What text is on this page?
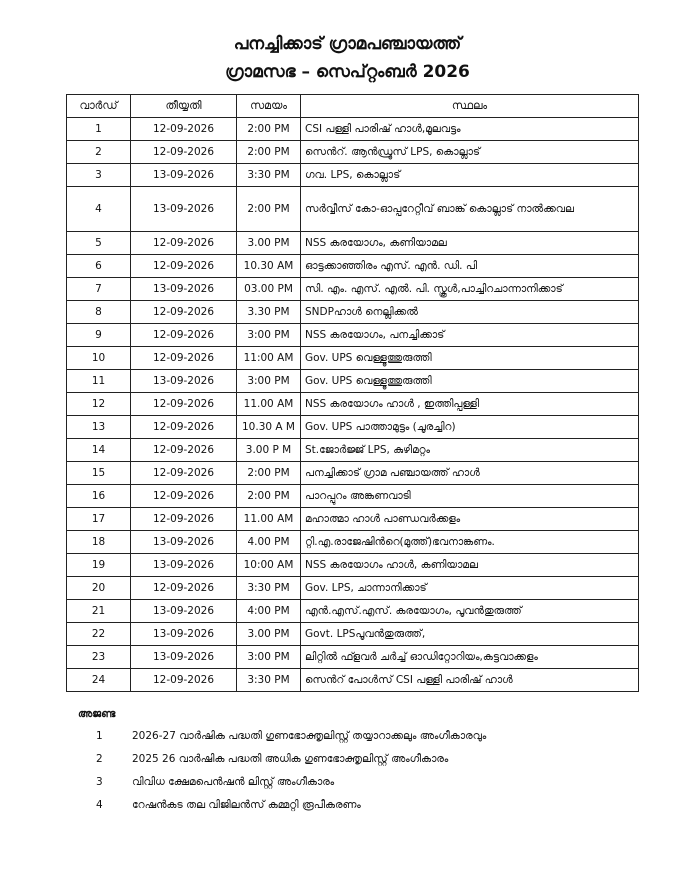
പനച്ചിക്കാട് ഗ്രാമപഞ്ചായത്ത്
ഗ്രാമസഭ – സെപ്റ്റംബർ 2026
വാർഡ്	തീയ്യതി	സമയം	സ്ഥലം
1	12-09-2026	2:00 PM	CSI പള്ളി പാരിഷ് ഹാൾ,മൂലവട്ടം
2	12-09-2026	2:00 PM	സെൻറ്. ആൻഡ്രൂസ് LPS, കൊല്ലാട്
3	13-09-2026	3:30 PM	ഗവ. LPS, കൊല്ലാട്
4	13-09-2026	2:00 PM	സർവ്വീസ് കോ-ഓപ്പറേറ്റീവ് ബാങ്ക് കൊല്ലാട് നാൽക്കവല
5	12-09-2026	3.00 PM	NSS കരയോഗം, കണിയാമല
6	12-09-2026	10.30 AM	ഓട്ടക്കാഞ്ഞിരം എസ്. എൻ. ഡി. പി
7	13-09-2026	03.00 PM	സി. എം. എസ്. എൽ. പി. സ്കൂൾ,പാച്ചിറചാന്നാനിക്കാട്
8	12-09-2026	3.30 PM	SNDPഹാൾ നെല്ലിക്കൽ
9	12-09-2026	3:00 PM	NSS കരയോഗം, പനച്ചിക്കാട്
10	12-09-2026	11:00 AM	Gov. UPS വെള്ളൂത്തുരുത്തി
11	13-09-2026	3:00 PM	Gov. UPS വെള്ളൂത്തുരുത്തി
12	12-09-2026	11.00 AM	NSS കരയോഗം ഹാൾ , ഇത്തിപ്പള്ളി
13	12-09-2026	10.30 A M	Gov. UPS പാത്താമുട്ടം (ചൂരച്ചിറ)
14	12-09-2026	3.00 P M	St.ജോർജ്ജ് LPS, കുഴിമറ്റം
15	12-09-2026	2:00 PM	പനച്ചിക്കാട് ഗ്രാമ പഞ്ചായത്ത് ഹാൾ
16	12-09-2026	2:00 PM	പാറപ്പുറം അങ്കണവാടി
17	12-09-2026	11.00 AM	മഹാത്മാ ഹാൾ പാണ്ഡവർക്കളം
18	13-09-2026	4.00 PM	റ്റി.എ.രാജേഷിൻറെ(മുത്ത്)ഭവനാങ്കണം.
19	13-09-2026	10:00 AM	NSS കരയോഗം ഹാൾ, കണിയാമല
20	12-09-2026	3:30 PM	Gov. LPS, ചാന്നാനിക്കാട്
21	13-09-2026	4:00 PM	എൻ.എസ്.എസ്. കരയോഗം, പൂവൻതുരുത്ത്
22	13-09-2026	3.00 PM	Govt. LPSപൂവൻതുരുത്ത്,
23	13-09-2026	3:00 PM	ലിറ്റിൽ ഫ്ളവർ ചർച്ച് ഓഡിറ്റോറിയം,കട്ടവാക്കളം
24	12-09-2026	3:30 PM	സെൻറ് പോൾസ് CSI പള്ളി പാരിഷ് ഹാൾ
അജണ്ട
1	2026-27 വാർഷിക പദ്ധതി ഗുണഭോക്തൃലിസ്റ്റ് തയ്യാറാക്കലും അംഗീകാരവും
2	2025 26 വാർഷിക പദ്ധതി അധിക ഗുണഭോക്തൃലിസ്റ്റ് അംഗീകാരം
3	വിവിധ ക്ഷേമപെൻഷൻ ലിസ്റ്റ് അംഗീകാരം
4	റേഷൻകട തല വിജിലൻസ് കമ്മറ്റി രൂപീകരണം
